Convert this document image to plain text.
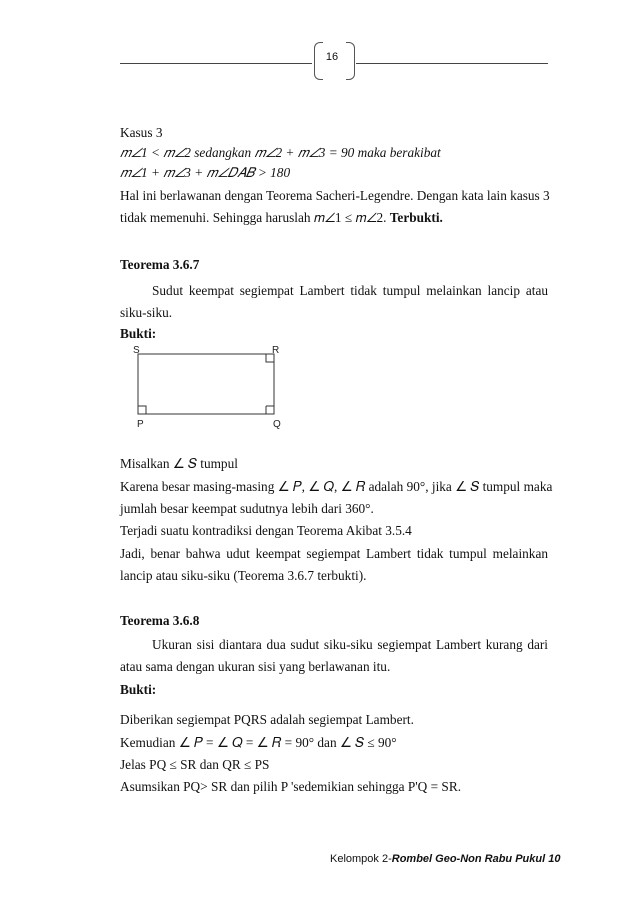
16
Kasus 3
𝑚∠1 < 𝑚∠2 sedangkan 𝑚∠2 + 𝑚∠3 = 90 maka berakibat
𝑚∠1 + 𝑚∠3 + 𝑚∠𝐷𝐴𝐵 > 180
Hal ini berlawanan dengan Teorema Sacheri-Legendre. Dengan kata lain kasus 3
tidak memenuhi. Sehingga haruslah 𝑚∠1 ≤ 𝑚∠2. Terbukti.
Teorema 3.6.7
Sudut keempat segiempat Lambert tidak tumpul melainkan lancip atau
siku-siku.
Bukti:
S	R
P	Q
Misalkan ∠ 𝑆 tumpul
Karena besar masing-masing ∠ 𝑃, ∠ 𝑄, ∠ 𝑅 adalah 90°, jika ∠ 𝑆 tumpul maka
jumlah besar keempat sudutnya lebih dari 360°.
Terjadi suatu kontradiksi dengan Teorema Akibat 3.5.4
Jadi, benar bahwa udut keempat segiempat Lambert tidak tumpul melainkan
lancip atau siku-siku (Teorema 3.6.7 terbukti).
Teorema 3.6.8
Ukuran sisi diantara dua sudut siku-siku segiempat Lambert kurang dari
atau sama dengan ukuran sisi yang berlawanan itu.
Bukti:
Diberikan segiempat PQRS adalah segiempat Lambert.
Kemudian ∠ 𝑃 = ∠ 𝑄 = ∠ 𝑅 = 90° dan ∠ 𝑆 ≤ 90°
Jelas PQ ≤ SR dan QR ≤ PS
Asumsikan PQ> SR dan pilih P 'sedemikian sehingga P'Q = SR.
Kelompok 2-Rombel Geo-Non Rabu Pukul 10
